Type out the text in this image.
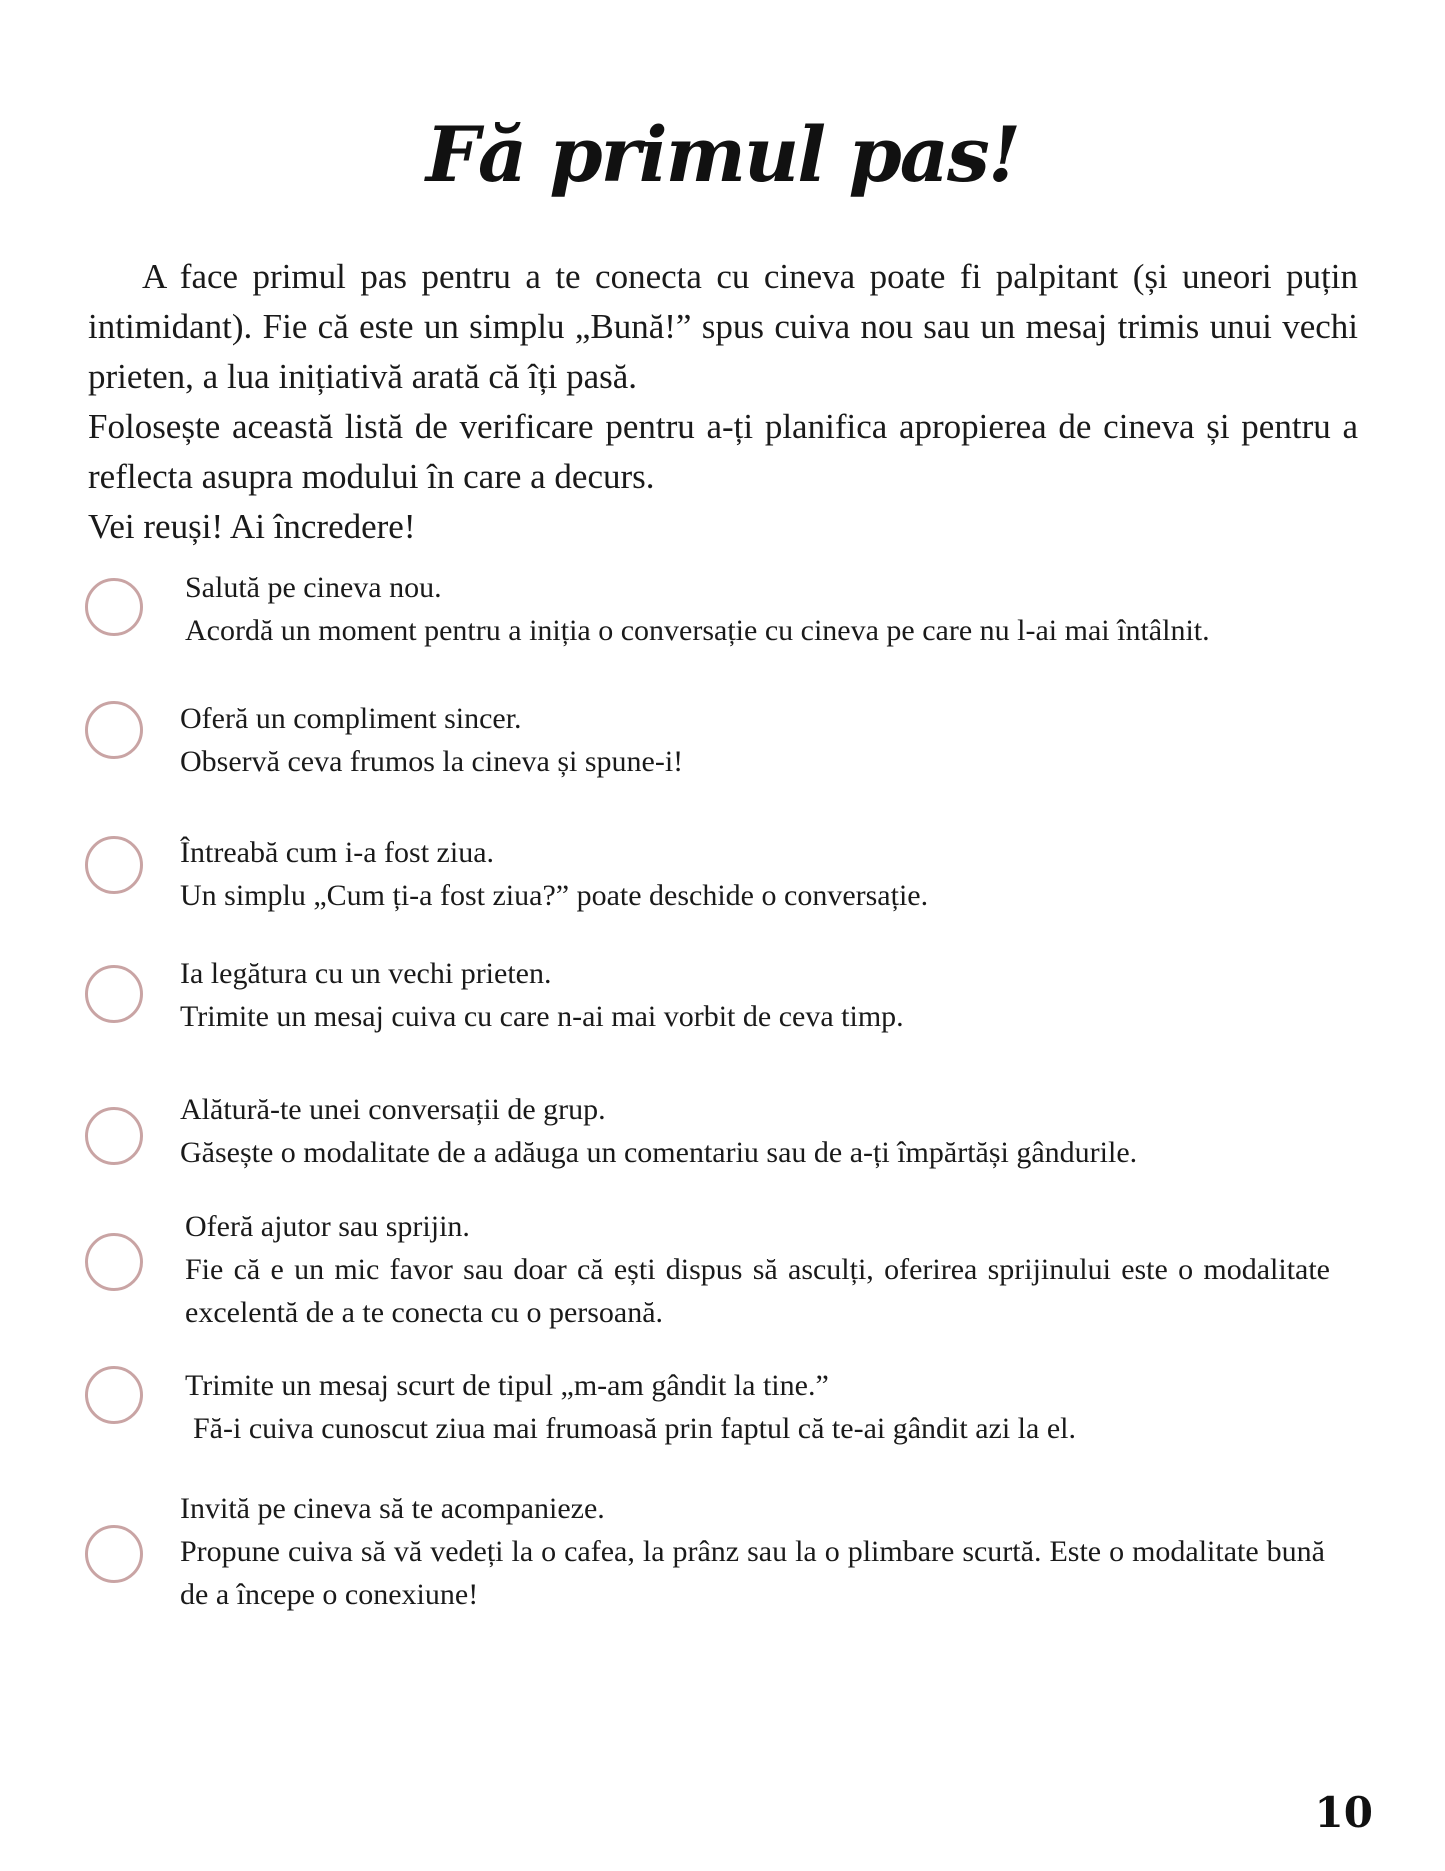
Fă primul pas!

A face primul pas pentru a te conecta cu cineva poate fi palpitant (și uneori puțin intimidant). Fie că este un simplu „Bună!” spus cuiva nou sau un mesaj trimis unui vechi prieten, a lua inițiativă arată că îți pasă.

Folosește această listă de verificare pentru a-ți planifica apropierea de cineva și pentru a reflecta asupra modului în care a decurs.

Vei reuși! Ai încredere!

Salută pe cineva nou.
Acordă un moment pentru a iniția o conversație cu cineva pe care nu l-ai mai întâlnit.
Oferă un compliment sincer.
Observă ceva frumos la cineva și spune-i!
Întreabă cum i-a fost ziua.
Un simplu „Cum ți-a fost ziua?” poate deschide o conversație.
Ia legătura cu un vechi prieten.
Trimite un mesaj cuiva cu care n-ai mai vorbit de ceva timp.
Alătură-te unei conversații de grup.
Găsește o modalitate de a adăuga un comentariu sau de a-ți împărtăși gândurile.
Oferă ajutor sau sprijin.
Fie că e un mic favor sau doar că ești dispus să asculți, oferirea sprijinului este o modalitate excelentă de a te conecta cu o persoană.
Trimite un mesaj scurt de tipul „m-am gândit la tine.”
Fă-i cuiva cunoscut ziua mai frumoasă prin faptul că te-ai gândit azi la el.
Invită pe cineva să te acompanieze.
Propune cuiva să vă vedeți la o cafea, la prânz sau la o plimbare scurtă. Este o modalitate bună de a începe o conexiune!
10
